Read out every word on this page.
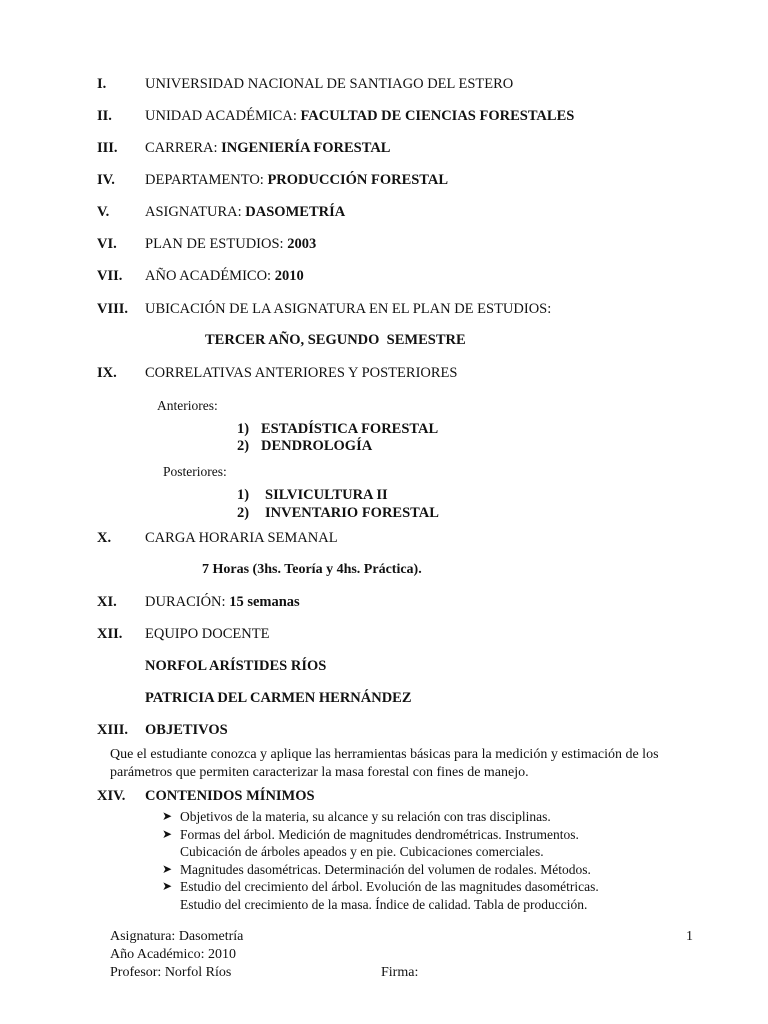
I.	UNIVERSIDAD NACIONAL DE SANTIAGO DEL ESTERO
II. UNIDAD ACADÉMICA: FACULTAD DE CIENCIAS FORESTALES
III. CARRERA: INGENIERÍA FORESTAL
IV. DEPARTAMENTO: PRODUCCIÓN FORESTAL
V. ASIGNATURA: DASOMETRÍA
VI. PLAN DE ESTUDIOS: 2003
VII. AÑO ACADÉMICO: 2010
VIII. UBICACIÓN DE LA ASIGNATURA EN EL PLAN DE ESTUDIOS:
TERCER AÑO, SEGUNDO  SEMESTRE
IX. CORRELATIVAS ANTERIORES Y POSTERIORES
Anteriores:
1) ESTADÍSTICA FORESTAL
2) DENDROLOGÍA
Posteriores:
1) SILVICULTURA II
2) INVENTARIO FORESTAL
X. CARGA HORARIA SEMANAL
7 Horas (3hs. Teoría y 4hs. Práctica).
XI. DURACIÓN: 15 semanas
XII. EQUIPO DOCENTE
NORFOL ARÍSTIDES RÍOS
PATRICIA DEL CARMEN HERNÁNDEZ
XIII. OBJETIVOS
Que el estudiante conozca y aplique las herramientas básicas para la medición y estimación de los parámetros que permiten caracterizar la masa forestal con fines de manejo.
XIV. CONTENIDOS MÍNIMOS
➤ Objetivos de la materia, su alcance y su relación con tras disciplinas.
➤ Formas del árbol. Medición de magnitudes dendrométricas. Instrumentos.
Cubicación de árboles apeados y en pie. Cubicaciones comerciales.
➤ Magnitudes dasométricas. Determinación del volumen de rodales. Métodos.
➤ Estudio del crecimiento del árbol. Evolución de las magnitudes dasométricas.
Estudio del crecimiento de la masa. Índice de calidad. Tabla de producción.
Asignatura: Dasometría	1
Año Académico: 2010
Profesor: Norfol Ríos	Firma:
